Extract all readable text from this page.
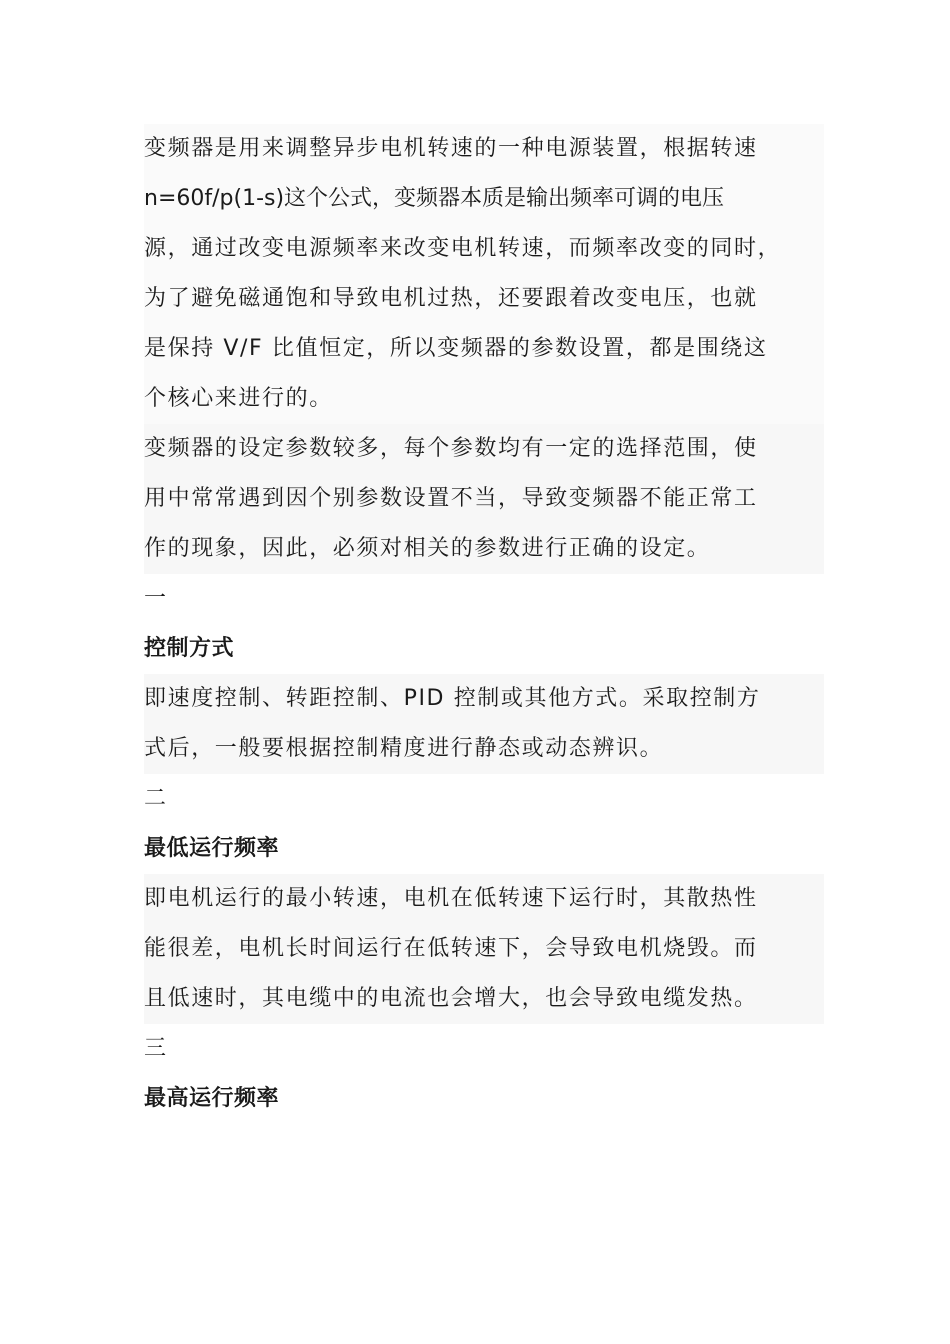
变频器是用来调整异步电机转速的一种电源装置，根据转速
n=60f/p(1-s)这个公式，变频器本质是输出频率可调的电压
源，通过改变电源频率来改变电机转速，而频率改变的同时，
为了避免磁通饱和导致电机过热，还要跟着改变电压，也就
是保持 V/F 比值恒定，所以变频器的参数设置，都是围绕这
个核心来进行的。
变频器的设定参数较多，每个参数均有一定的选择范围，使
用中常常遇到因个别参数设置不当，导致变频器不能正常工
作的现象，因此，必须对相关的参数进行正确的设定。
一
控制方式
即速度控制、转距控制、PID 控制或其他方式。采取控制方
式后，一般要根据控制精度进行静态或动态辨识。
二
最低运行频率
即电机运行的最小转速，电机在低转速下运行时，其散热性
能很差，电机长时间运行在低转速下，会导致电机烧毁。而
且低速时，其电缆中的电流也会增大，也会导致电缆发热。
三
最高运行频率
